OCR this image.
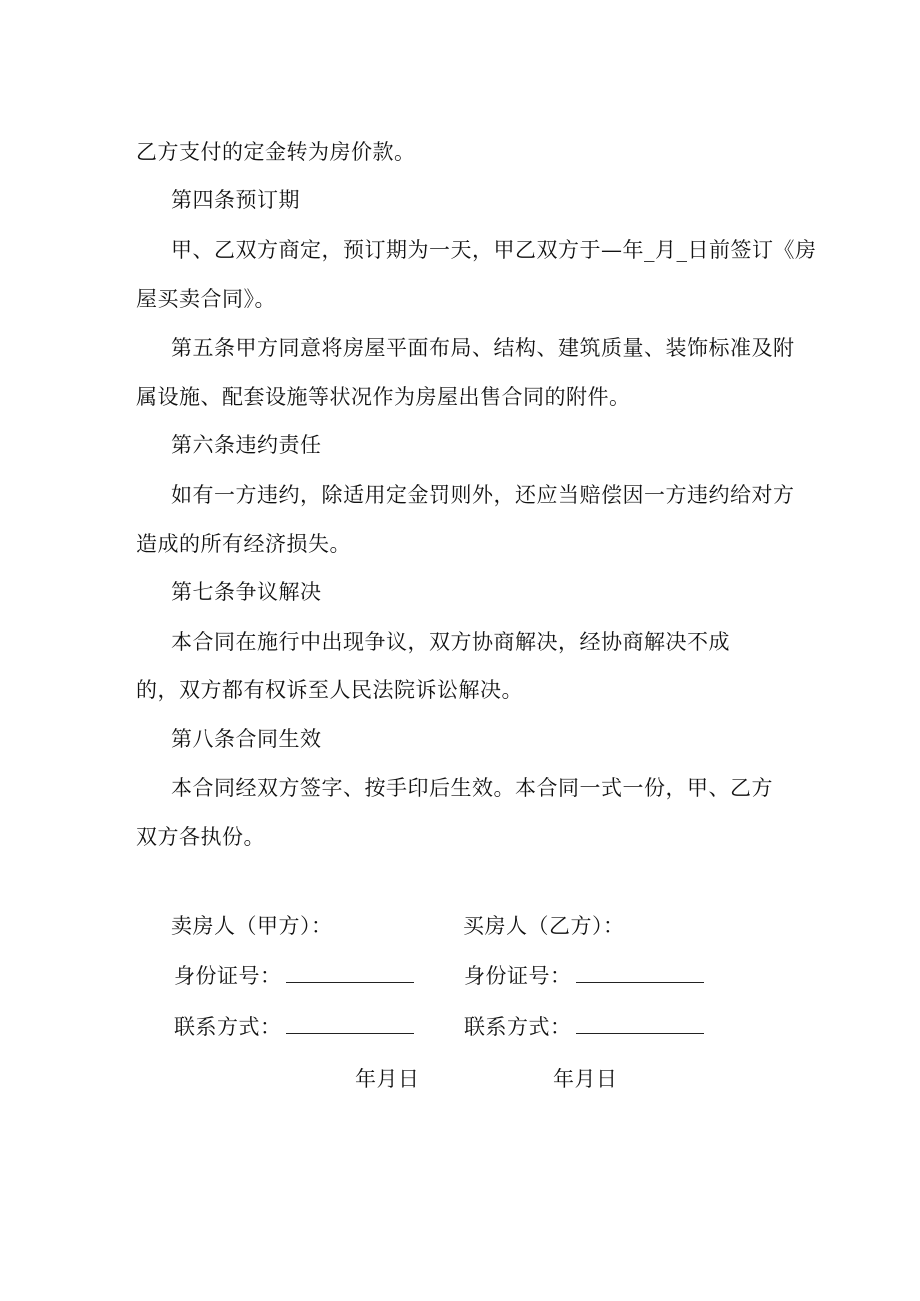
乙方支付的定金转为房价款。
第四条预订期
甲、乙双方商定，预订期为一天，甲乙双方于—年_月_日前签订《房
屋买卖合同》。
第五条甲方同意将房屋平面布局、结构、建筑质量、装饰标准及附
属设施、配套设施等状况作为房屋出售合同的附件。
第六条违约责任
如有一方违约，除适用定金罚则外，还应当赔偿因一方违约给对方
造成的所有经济损失。
第七条争议解决
本合同在施行中出现争议，双方协商解决，经协商解决不成
的，双方都有权诉至人民法院诉讼解决。
第八条合同生效
本合同经双方签字、按手印后生效。本合同一式一份，甲、乙方
双方各执份。
卖房人（甲方）：	买房人（乙方）：
身份证号：	身份证号：
联系方式：	联系方式：
年月日	年月日
